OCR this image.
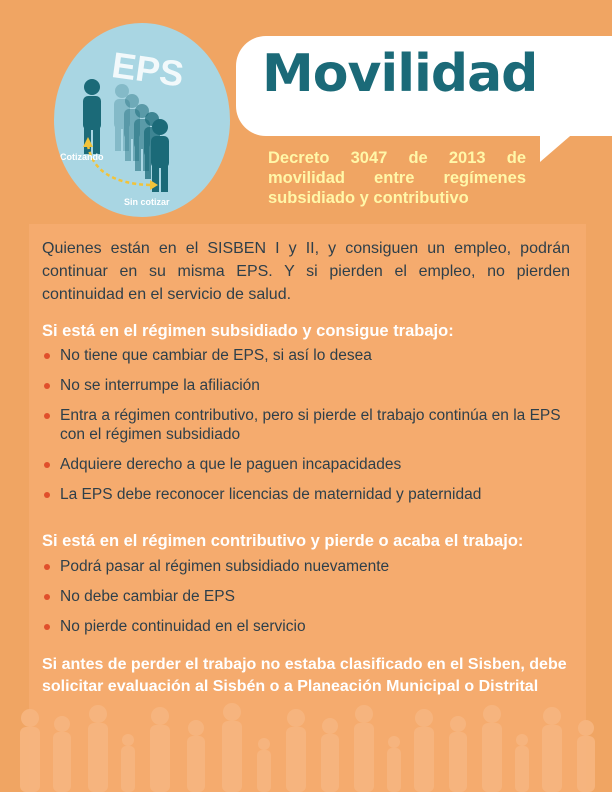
EPS
Cotizando
Sin cotizar
Movilidad
Decreto 3047 de 2013 de movilidad entre regímenes subsidiado y contributivo
Quienes están en el SISBEN I y II, y consiguen un empleo, podrán continuar en su misma EPS. Y si pierden el empleo, no pierden continuidad en el servicio de salud.
Si está en el régimen subsidiado y consigue trabajo:
No tiene que cambiar de EPS, si así lo desea
No se interrumpe la afiliación
Entra a régimen contributivo, pero si pierde el trabajo continúa en la EPS con el régimen subsidiado
Adquiere derecho a que le paguen incapacidades
La EPS debe reconocer licencias de maternidad y paternidad
Si está en el régimen contributivo y pierde o acaba el trabajo:
Podrá pasar al régimen subsidiado nuevamente
No debe cambiar de EPS
No pierde continuidad en el servicio
Si antes de perder el trabajo no estaba clasificado en el Sisben, debe solicitar evaluación al Sisbén o a Planeación Municipal o Distrital
